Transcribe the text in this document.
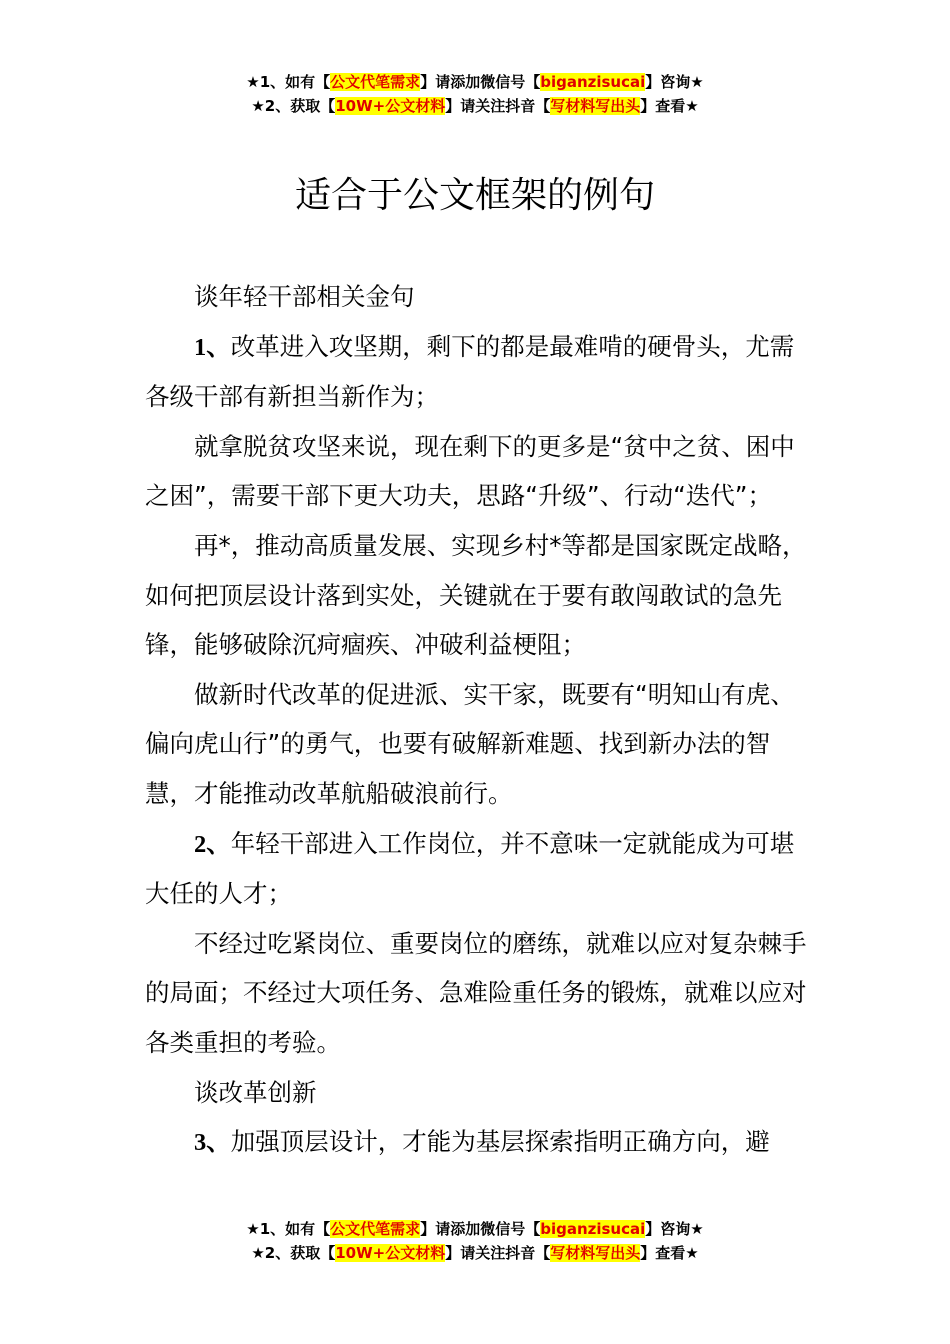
★1、如有【公文代笔需求】请添加微信号【biganzisucai】咨询★
★2、获取【10W+公文材料】请关注抖音【写材料写出头】查看★
适合于公文框架的例句

谈年轻干部相关金句

1、改革进入攻坚期，剩下的都是最难啃的硬骨头，尤需各级干部有新担当新作为；

就拿脱贫攻坚来说，现在剩下的更多是“贫中之贫、困中之困”，需要干部下更大功夫，思路“升级”、行动“迭代”；

再*，推动高质量发展、实现乡村*等都是国家既定战略，如何把顶层设计落到实处，关键就在于要有敢闯敢试的急先锋，能够破除沉疴痼疾、冲破利益梗阻；

做新时代改革的促进派、实干家，既要有“明知山有虎、偏向虎山行”的勇气，也要有破解新难题、找到新办法的智慧，才能推动改革航船破浪前行。

2、年轻干部进入工作岗位，并不意味一定就能成为可堪大任的人才；

不经过吃紧岗位、重要岗位的磨练，就难以应对复杂棘手的局面；不经过大项任务、急难险重任务的锻炼，就难以应对各类重担的考验。

谈改革创新

3、加强顶层设计，才能为基层探索指明正确方向，避

★1、如有【公文代笔需求】请添加微信号【biganzisucai】咨询★
★2、获取【10W+公文材料】请关注抖音【写材料写出头】查看★
